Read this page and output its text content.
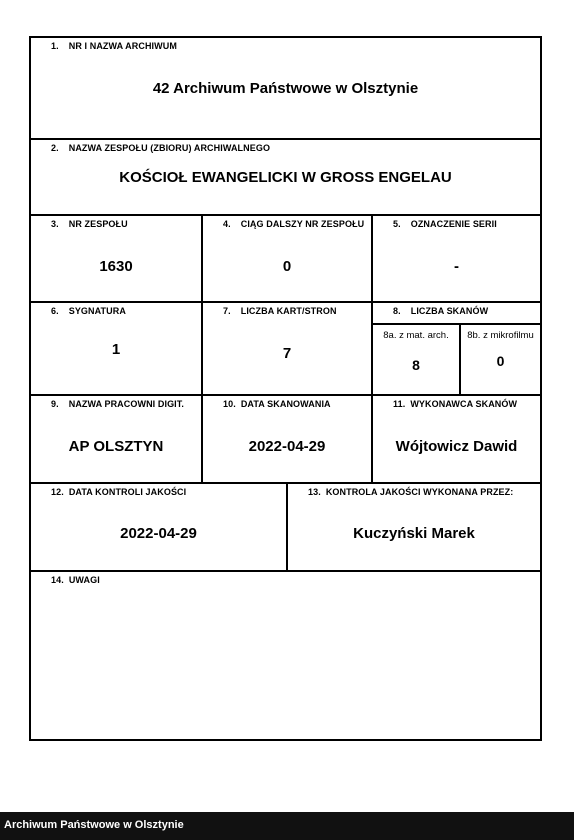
1. NR I NAZWA ARCHIWUM
42 Archiwum Państwowe w Olsztynie
2. NAZWA ZESPOŁU (ZBIORU) ARCHIWALNEGO
KOŚCIOŁ EWANGELICKI W GROSS ENGELAU
3. NR ZESPOŁU
1630
4. CIĄG DALSZY NR ZESPOŁU
0
5. OZNACZENIE SERII
-
6. SYGNATURA
1
7. LICZBA KART/STRON
7
8. LICZBA SKANÓW
8a. z mat. arch.
8
8b. z mikrofilmu
0
9. NAZWA PRACOWNI DIGIT.
AP OLSZTYN
10. DATA SKANOWANIA
2022-04-29
11. WYKONAWCA SKANÓW
Wójtowicz Dawid
12. DATA KONTROLI JAKOŚCI
2022-04-29
13. KONTROLA JAKOŚCI WYKONANA PRZEZ:
Kuczyński Marek
14. UWAGI
Archiwum Państwowe w Olsztynie
